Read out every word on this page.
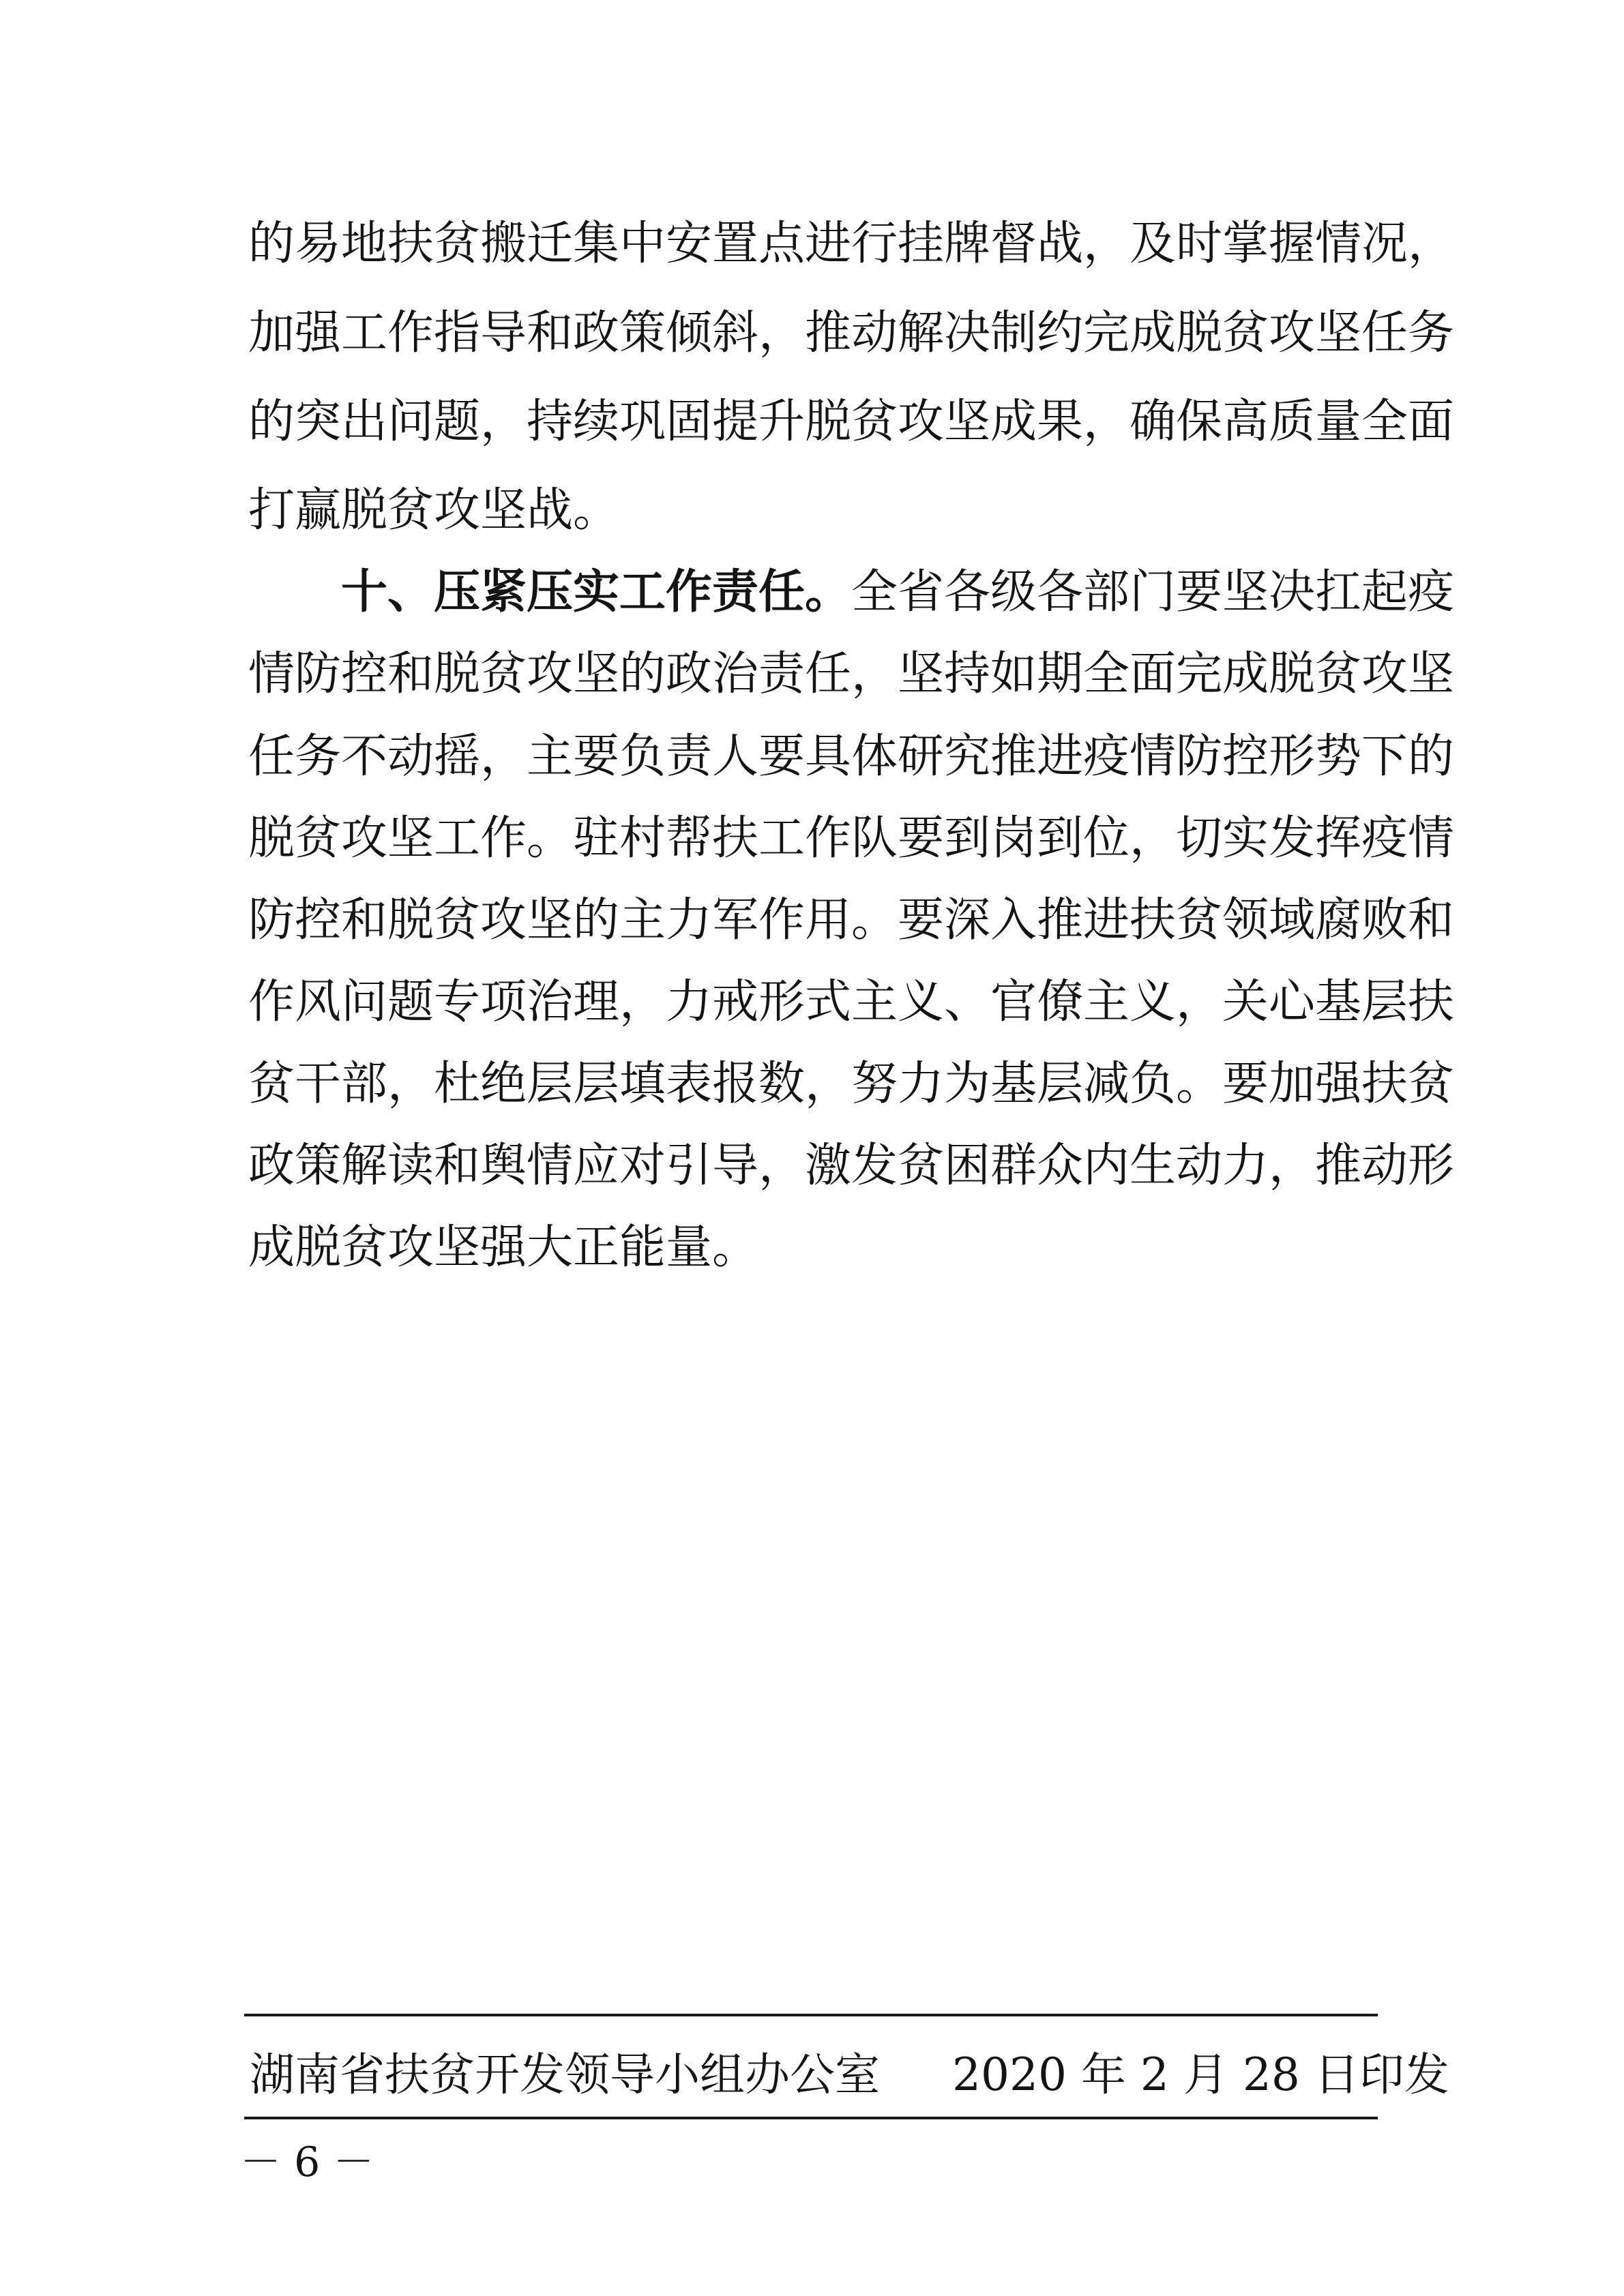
的易地扶贫搬迁集中安置点进行挂牌督战，及时掌握情况，
加强工作指导和政策倾斜，推动解决制约完成脱贫攻坚任务
的突出问题，持续巩固提升脱贫攻坚成果，确保高质量全面
打赢脱贫攻坚战。
十、压紧压实工作责任。全省各级各部门要坚决扛起疫
情防控和脱贫攻坚的政治责任，坚持如期全面完成脱贫攻坚
任务不动摇，主要负责人要具体研究推进疫情防控形势下的
脱贫攻坚工作。驻村帮扶工作队要到岗到位，切实发挥疫情
防控和脱贫攻坚的主力军作用。要深入推进扶贫领域腐败和
作风问题专项治理，力戒形式主义、官僚主义，关心基层扶
贫干部，杜绝层层填表报数，努力为基层减负。要加强扶贫
政策解读和舆情应对引导，激发贫困群众内生动力，推动形
成脱贫攻坚强大正能量。
湖南省扶贫开发领导小组办公室 2020 年 2 月 28 日印发
－ 6 －
